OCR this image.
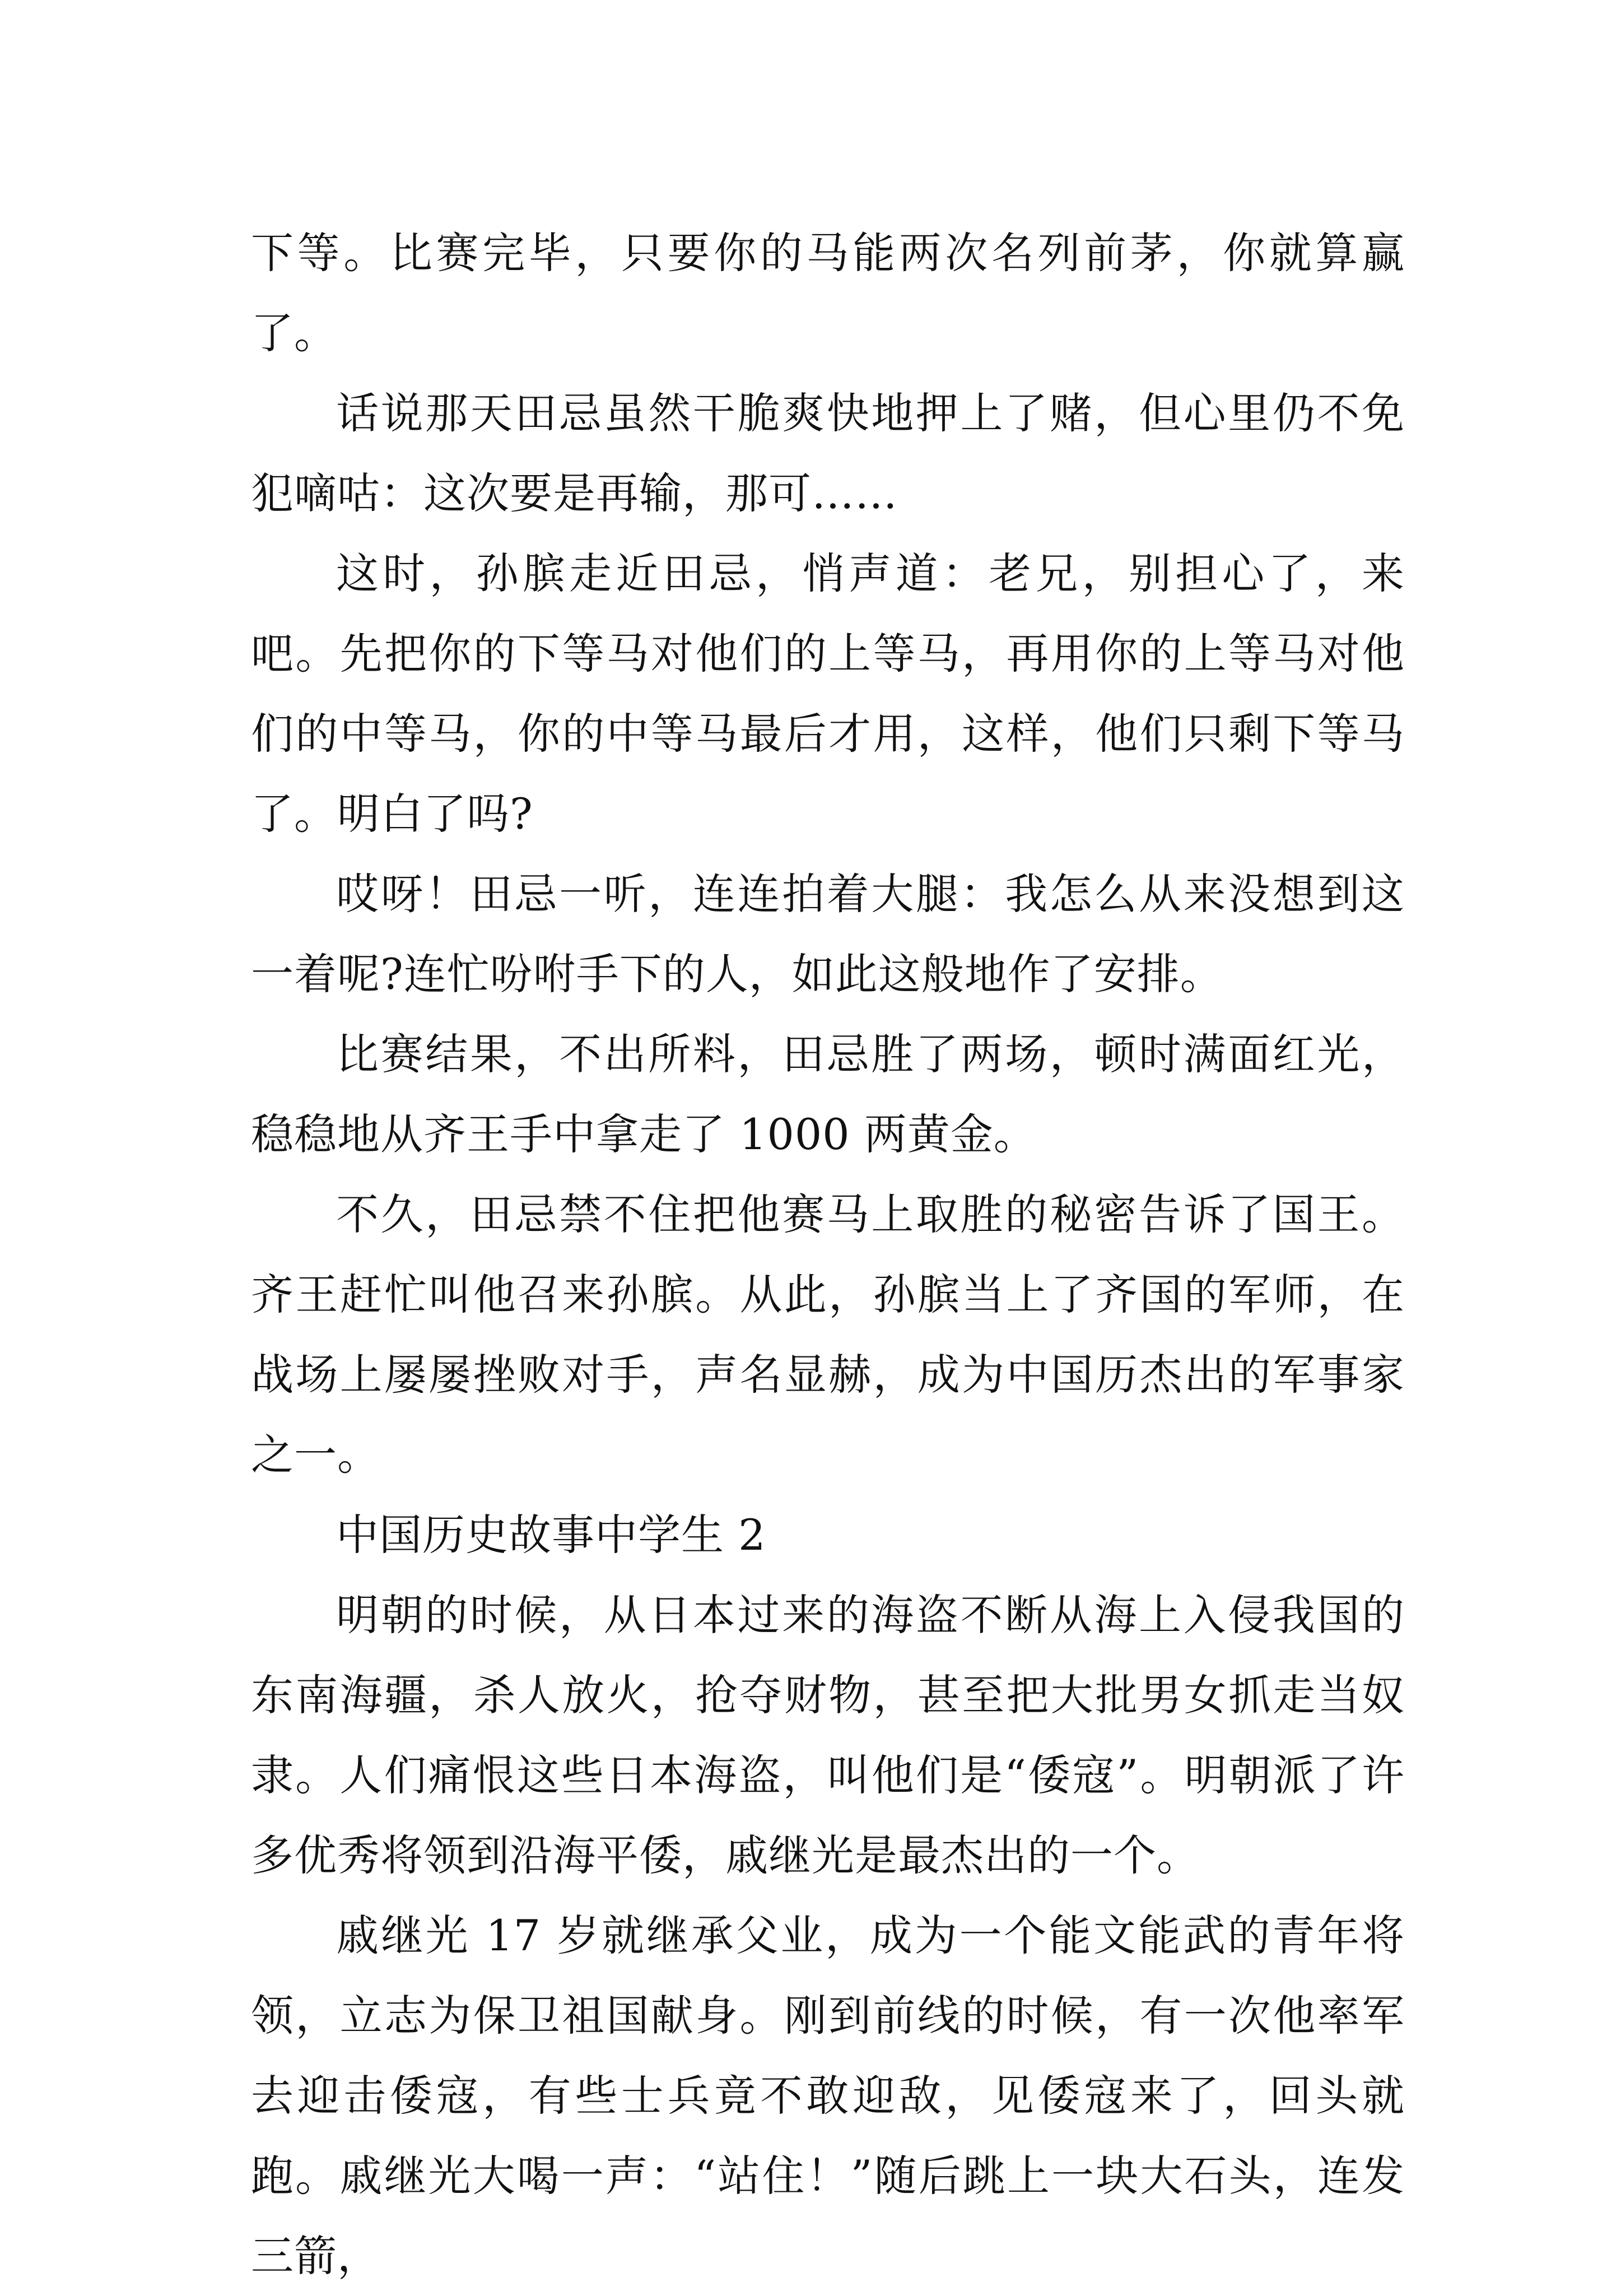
下等。比赛完毕，只要你的马能两次名列前茅，你就算赢了。

话说那天田忌虽然干脆爽快地押上了赌，但心里仍不免犯嘀咕：这次要是再输，那可……

这时，孙膑走近田忌，悄声道：老兄，别担心了，来吧。先把你的下等马对他们的上等马，再用你的上等马对他们的中等马，你的中等马最后才用，这样，他们只剩下等马了。明白了吗?

哎呀！田忌一听，连连拍着大腿：我怎么从来没想到这一着呢?连忙吩咐手下的人，如此这般地作了安排。

比赛结果，不出所料，田忌胜了两场，顿时满面红光，稳稳地从齐王手中拿走了 1000 两黄金。

不久，田忌禁不住把他赛马上取胜的秘密告诉了国王。齐王赶忙叫他召来孙膑。从此，孙膑当上了齐国的军师，在战场上屡屡挫败对手，声名显赫，成为中国历杰出的军事家之一。

中国历史故事中学生 2

明朝的时候，从日本过来的海盗不断从海上入侵我国的东南海疆，杀人放火，抢夺财物，甚至把大批男女抓走当奴隶。人们痛恨这些日本海盗，叫他们是“倭寇”。明朝派了许多优秀将领到沿海平倭，戚继光是最杰出的一个。

戚继光 17 岁就继承父业，成为一个能文能武的青年将领，立志为保卫祖国献身。刚到前线的时候，有一次他率军去迎击倭寇，有些士兵竟不敢迎敌，见倭寇来了，回头就跑。戚继光大喝一声：“站住！”随后跳上一块大石头，连发三箭，
